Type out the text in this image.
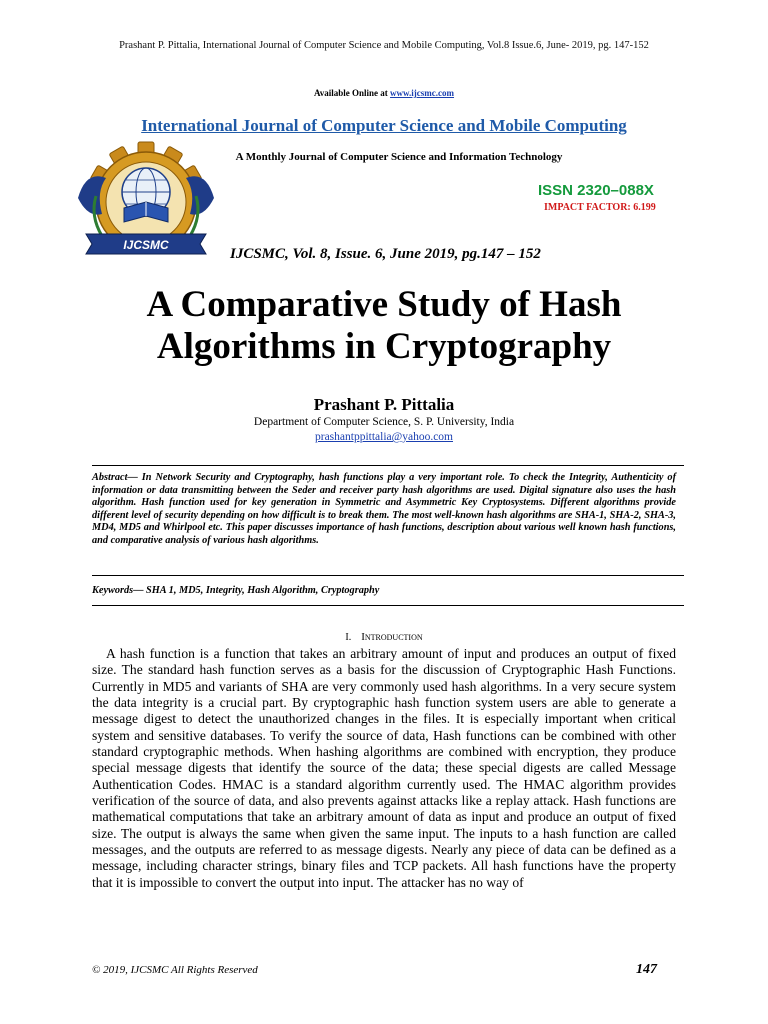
Prashant P. Pittalia, International Journal of Computer Science and Mobile Computing, Vol.8 Issue.6, June- 2019, pg. 147-152
Available Online at www.ijcsmc.com
International Journal of Computer Science and Mobile Computing
A Monthly Journal of Computer Science and Information Technology
IJCSMC
ISSN 2320–088X
IMPACT FACTOR: 6.199
IJCSMC, Vol. 8, Issue. 6, June 2019, pg.147 – 152
A Comparative Study of Hash
Algorithms in Cryptography
Prashant P. Pittalia
Department of Computer Science, S. P. University, India
prashantppittalia@yahoo.com
Abstract— In Network Security and Cryptography, hash functions play a very important role. To check the Integrity, Authenticity of information or data transmitting between the Seder and receiver party hash algorithms are used. Digital signature also uses the hash algorithm. Hash function used for key generation in Symmetric and Asymmetric Key Cryptosystems. Different algorithms provide different level of security depending on how difficult is to break them. The most well-known hash algorithms are SHA-1, SHA-2, SHA-3, MD4, MD5 and Whirlpool etc. This paper discusses importance of hash functions, description about various well known hash functions, and comparative analysis of various hash algorithms.
Keywords— SHA 1, MD5, Integrity, Hash Algorithm, Cryptography
I. Introduction
A hash function is a function that takes an arbitrary amount of input and produces an output of fixed size. The standard hash function serves as a basis for the discussion of Cryptographic Hash Functions. Currently in MD5 and variants of SHA are very commonly used hash algorithms. In a very secure system the data integrity is a crucial part. By cryptographic hash function system users are able to generate a message digest to detect the unauthorized changes in the files. It is especially important when critical system and sensitive databases. To verify the source of data, Hash functions can be combined with other standard cryptographic methods. When hashing algorithms are combined with encryption, they produce special message digests that identify the source of the data; these special digests are called Message Authentication Codes. HMAC is a standard algorithm currently used. The HMAC algorithm provides verification of the source of data, and also prevents against attacks like a replay attack. Hash functions are mathematical computations that take an arbitrary amount of data as input and produce an output of fixed size. The output is always the same when given the same input. The inputs to a hash function are called messages, and the outputs are referred to as message digests. Nearly any piece of data can be defined as a message, including character strings, binary files and TCP packets. All hash functions have the property that it is impossible to convert the output into input. The attacker has no way of
© 2019, IJCSMC All Rights Reserved	147
